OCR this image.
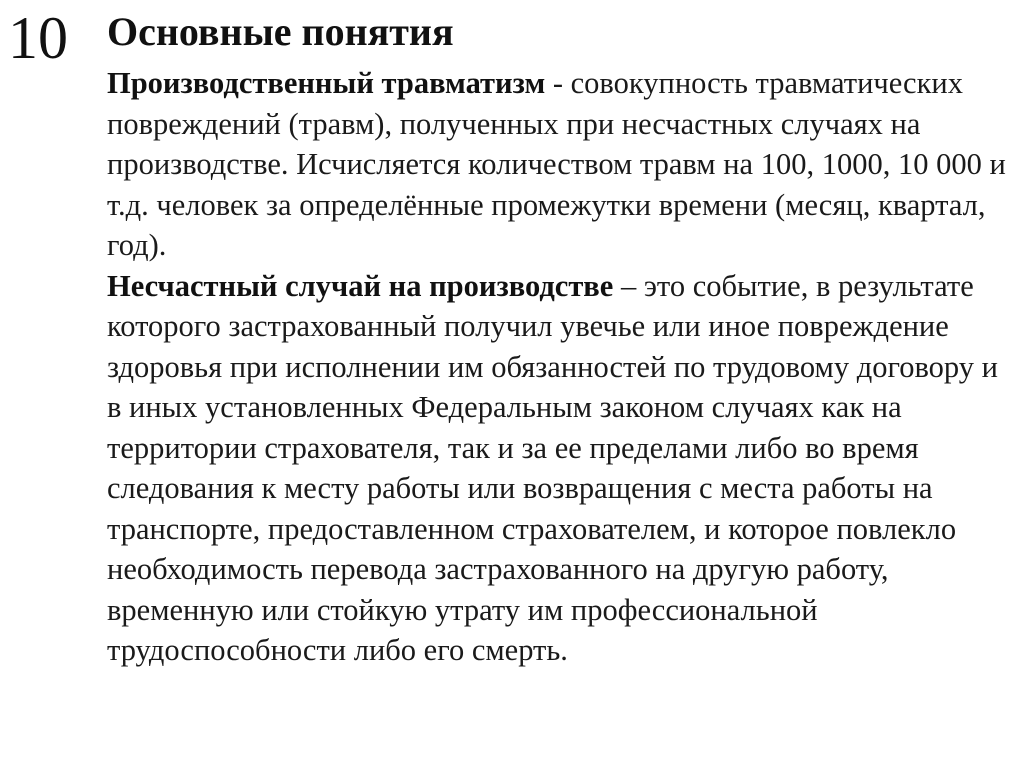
10 Основные понятия

Производственный травматизм - совокупность травматических повреждений (травм), полученных при несчастных случаях на производстве. Исчисляется количеством травм на 100, 1000, 10 000 и т.д. человек за определённые промежутки времени (месяц, квартал, год).

Несчастный случай на производстве – это событие, в результате которого застрахованный получил увечье или иное повреждение здоровья при исполнении им обязанностей по трудовому договору и в иных установленных Федеральным законом случаях как на территории страхователя, так и за ее пределами либо во время следования к месту работы или возвращения с места работы на транспорте, предоставленном страхователем, и которое повлекло необходимость перевода застрахованного на другую работу, временную или стойкую утрату им профессиональной трудоспособности либо его смерть.
